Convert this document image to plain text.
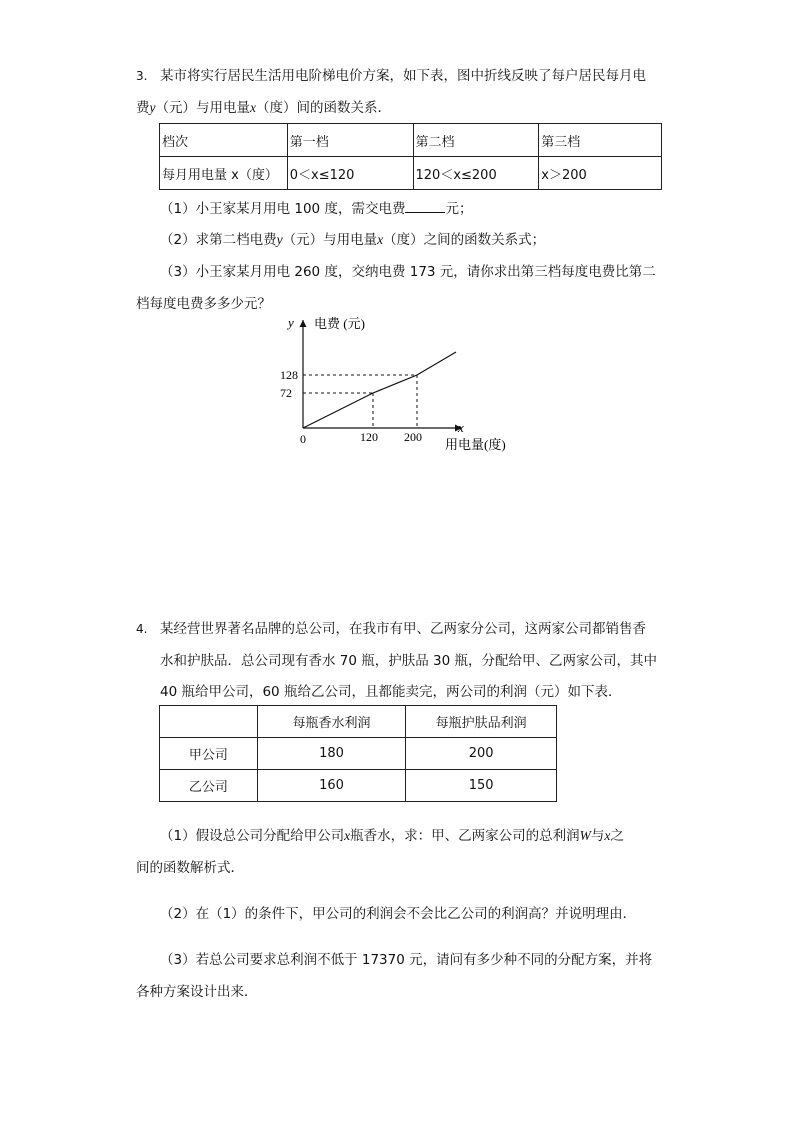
3. 某市将实行居民生活用电阶梯电价方案，如下表，图中折线反映了每户居民每月电
费y（元）与用电量x（度）间的函数关系．
档次	第一档	第二档	第三档
每月用电量 x（度）	0＜x≤120	120＜x≤200	x＞200
（1）小王家某月用电 100 度，需交电费	元；
（2）求第二档电费y（元）与用电量x（度）之间的函数关系式；
（3）小王家某月用电 260 度，交纳电费 173 元，请你求出第三档每度电费比第二
档每度电费多多少元？
y 电费 (元)
x
用电量(度)
0	120 200
128
72
4. 某经营世界著名品牌的总公司，在我市有甲、乙两家分公司，这两家公司都销售香
水和护肤品．总公司现有香水 70 瓶，护肤品 30 瓶，分配给甲、乙两家公司，其中
40 瓶给甲公司，60 瓶给乙公司，且都能卖完，两公司的利润（元）如下表．
	每瓶香水利润	每瓶护肤品利润
甲公司	180	200
乙公司	160	150
（1）假设总公司分配给甲公司x瓶香水，求：甲、乙两家公司的总利润W与x之
间的函数解析式．
（2）在（1）的条件下，甲公司的利润会不会比乙公司的利润高？并说明理由．
（3）若总公司要求总利润不低于 17370 元，请问有多少种不同的分配方案，并将
各种方案设计出来．
